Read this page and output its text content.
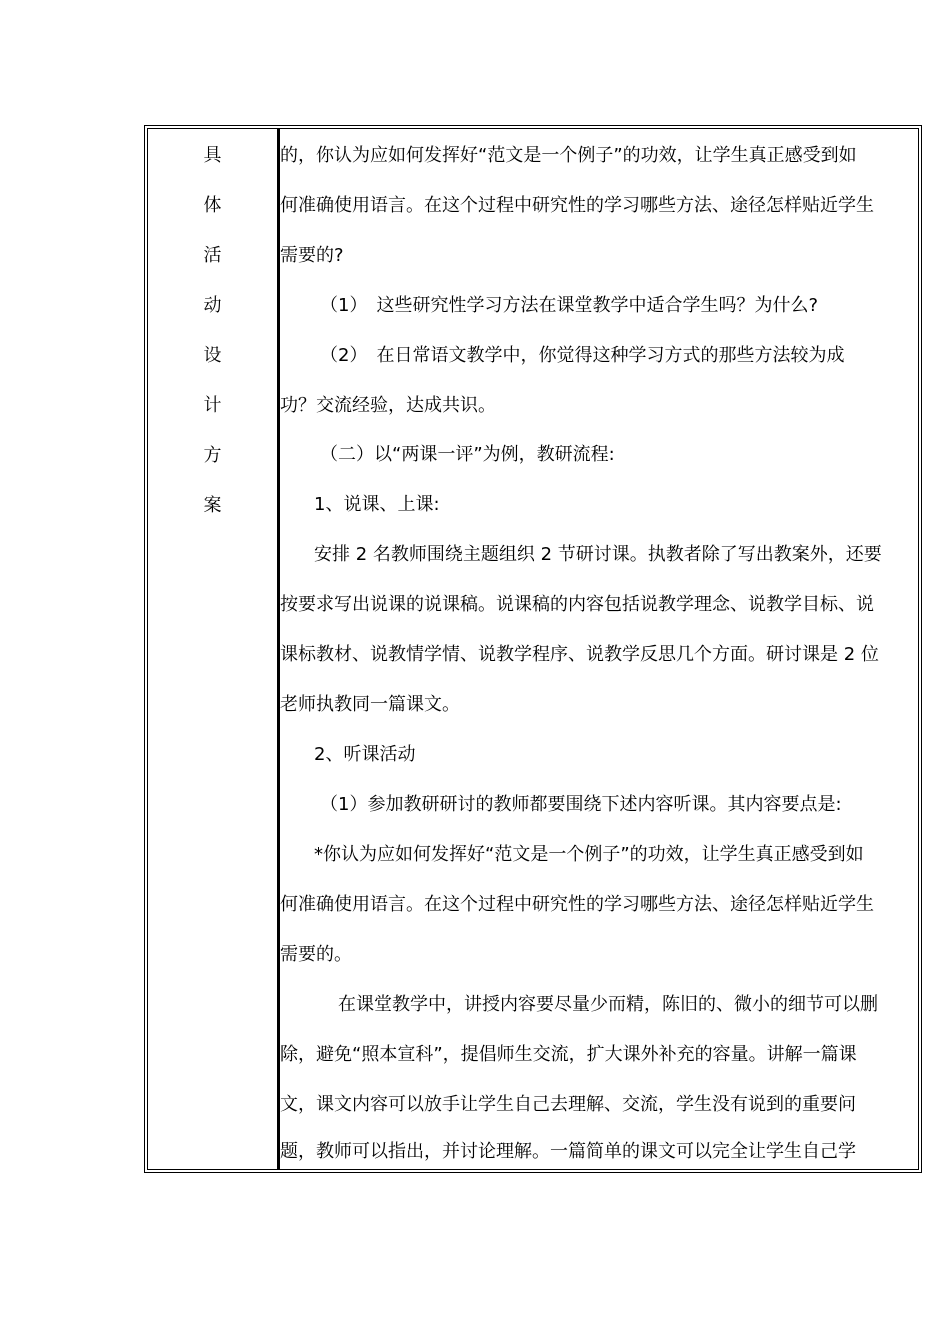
具
体
活
动
设
计
方
案
的，你认为应如何发挥好“范文是一个例子”的功效，让学生真正感受到如
何准确使用语言。在这个过程中研究性的学习哪些方法、途径怎样贴近学生
需要的?
（1）　这些研究性学习方法在课堂教学中适合学生吗？为什么?
（2）　在日常语文教学中，你觉得这种学习方式的那些方法较为成
功？交流经验，达成共识。
（二）以“两课一评”为例，教研流程:
1、说课、上课:
安排 2 名教师围绕主题组织 2 节研讨课。执教者除了写出教案外，还要
按要求写出说课的说课稿。说课稿的内容包括说教学理念、说教学目标、说
课标教材、说教情学情、说教学程序、说教学反思几个方面。研讨课是 2 位
老师执教同一篇课文。
2、听课活动
（1）参加教研研讨的教师都要围绕下述内容听课。其内容要点是:
*你认为应如何发挥好“范文是一个例子”的功效，让学生真正感受到如
何准确使用语言。在这个过程中研究性的学习哪些方法、途径怎样贴近学生
需要的。
在课堂教学中，讲授内容要尽量少而精，陈旧的、微小的细节可以删
除，避免“照本宣科”，提倡师生交流，扩大课外补充的容量。讲解一篇课
文，课文内容可以放手让学生自己去理解、交流，学生没有说到的重要问
题，教师可以指出，并讨论理解。一篇简单的课文可以完全让学生自己学
